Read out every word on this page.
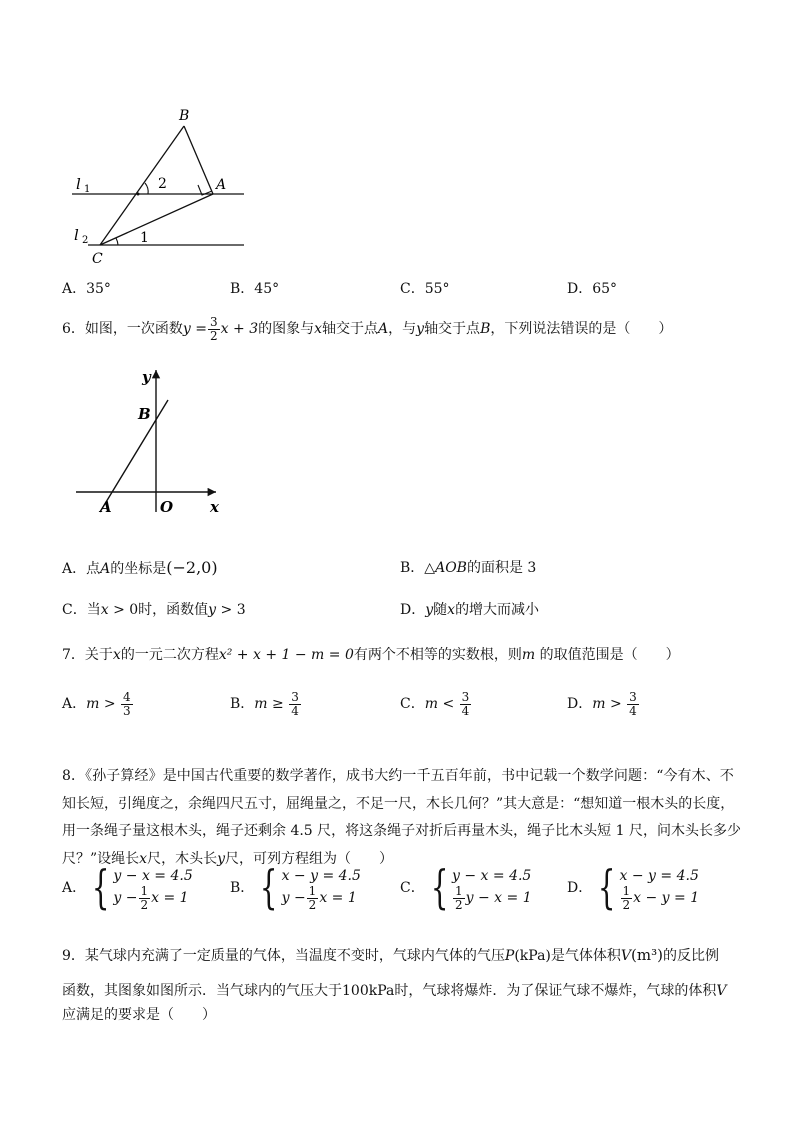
B
A
C
l 1
l 2
2
1
A．35°	B．45°	C．55°	D．65°
6．如图，一次函数$y = \frac{3}{2}$ x + 3的图象与x轴交于点A，与y轴交于点B，下列说法错误的是（　　）
y
x
B
A	O
A．点A的坐标是(−2,0)	B．△AOB的面积是 3
C．当x > 0时，函数值y > 3	D．y随x的增大而减小
7．关于x的一元二次方程x² + x + 1 − m = 0有两个不相等的实数根，则m 的取值范围是（　　）
A．$m > \frac{4}{3}$	B．$m \ge \frac{3}{4}$	C．$m < \frac{3}{4}$	D．$m > \frac{3}{4}$
8．《孙子算经》是中国古代重要的数学著作，成书大约一千五百年前，书中记载一个数学问题：“今有木、不
知长短，引绳度之，余绳四尺五寸，屈绳量之，不足一尺，木长几何？”其大意是：“想知道一根木头的长度，
用一条绳子量这根木头，绳子还剩余 4.5 尺，将这条绳子对折后再量木头，绳子比木头短 1 尺，问木头长多少
尺？”设绳长x尺，木头长y尺，可列方程组为（　　）
A． { y − x = 4.5
$y - \frac{1}{2}$ x = 1
B． { x − y = 4.5
$y - \frac{1}{2}$ x = 1
C． { y − x = 4.5
$\frac{1}{2}$ y − x = 1
D． { x − y = 4.5
$\frac{1}{2}$ x − y = 1
9．某气球内充满了一定质量的气体，当温度不变时，气球内气体的气压P(kPa)是气体体积V(m³)的反比例
函数，其图象如图所示．当气球内的气压大于100kPa时，气球将爆炸．为了保证气球不爆炸，气球的体积V
应满足的要求是（　　）
